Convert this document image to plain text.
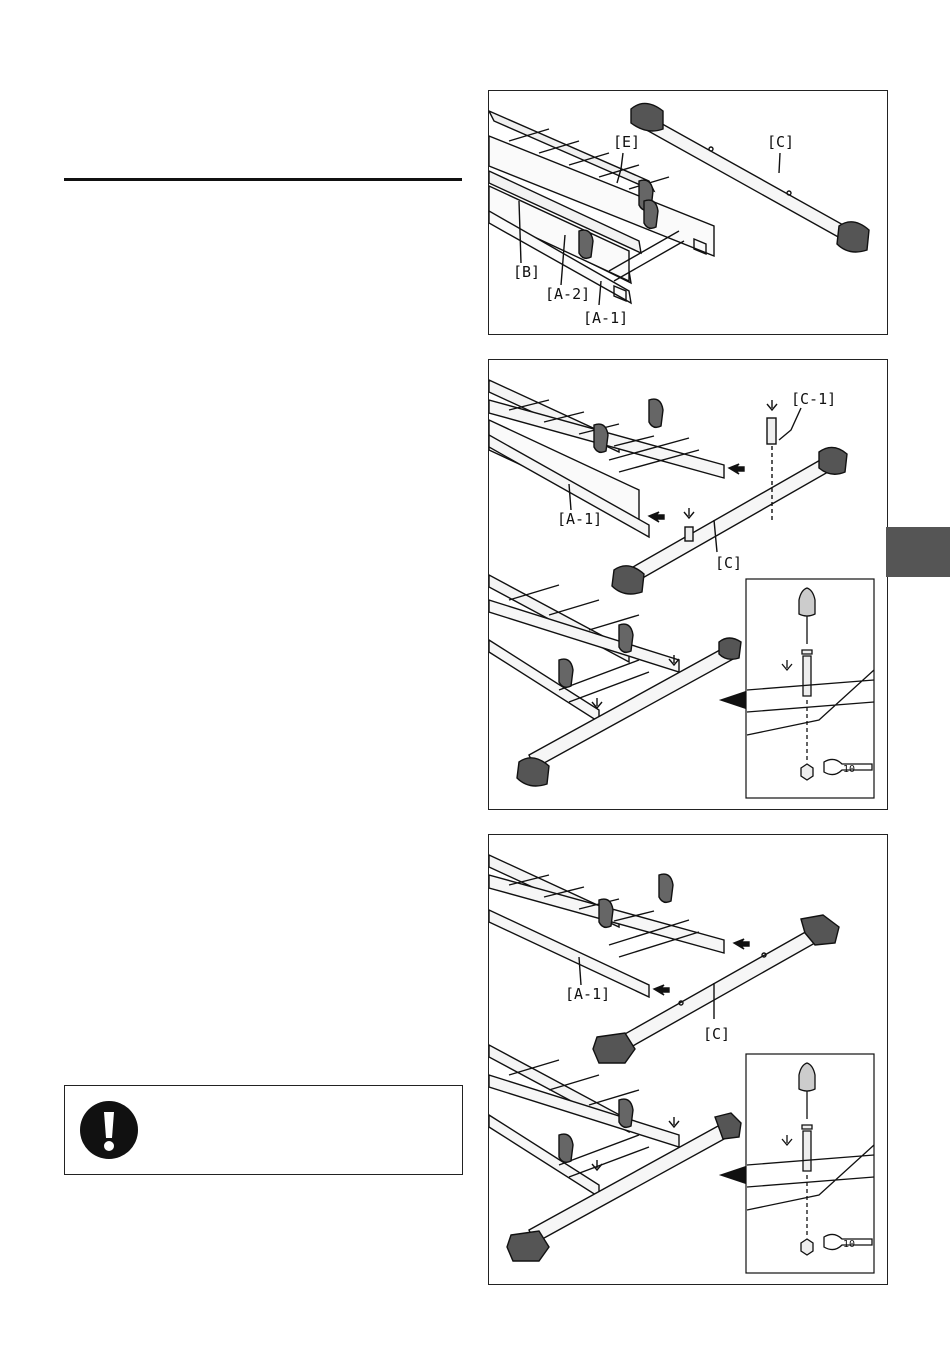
[E]	[C]
[B]
[A-2]
[A-1]
10
[C-1]
[A-1]
[C]
10
[A-1]
[C]
